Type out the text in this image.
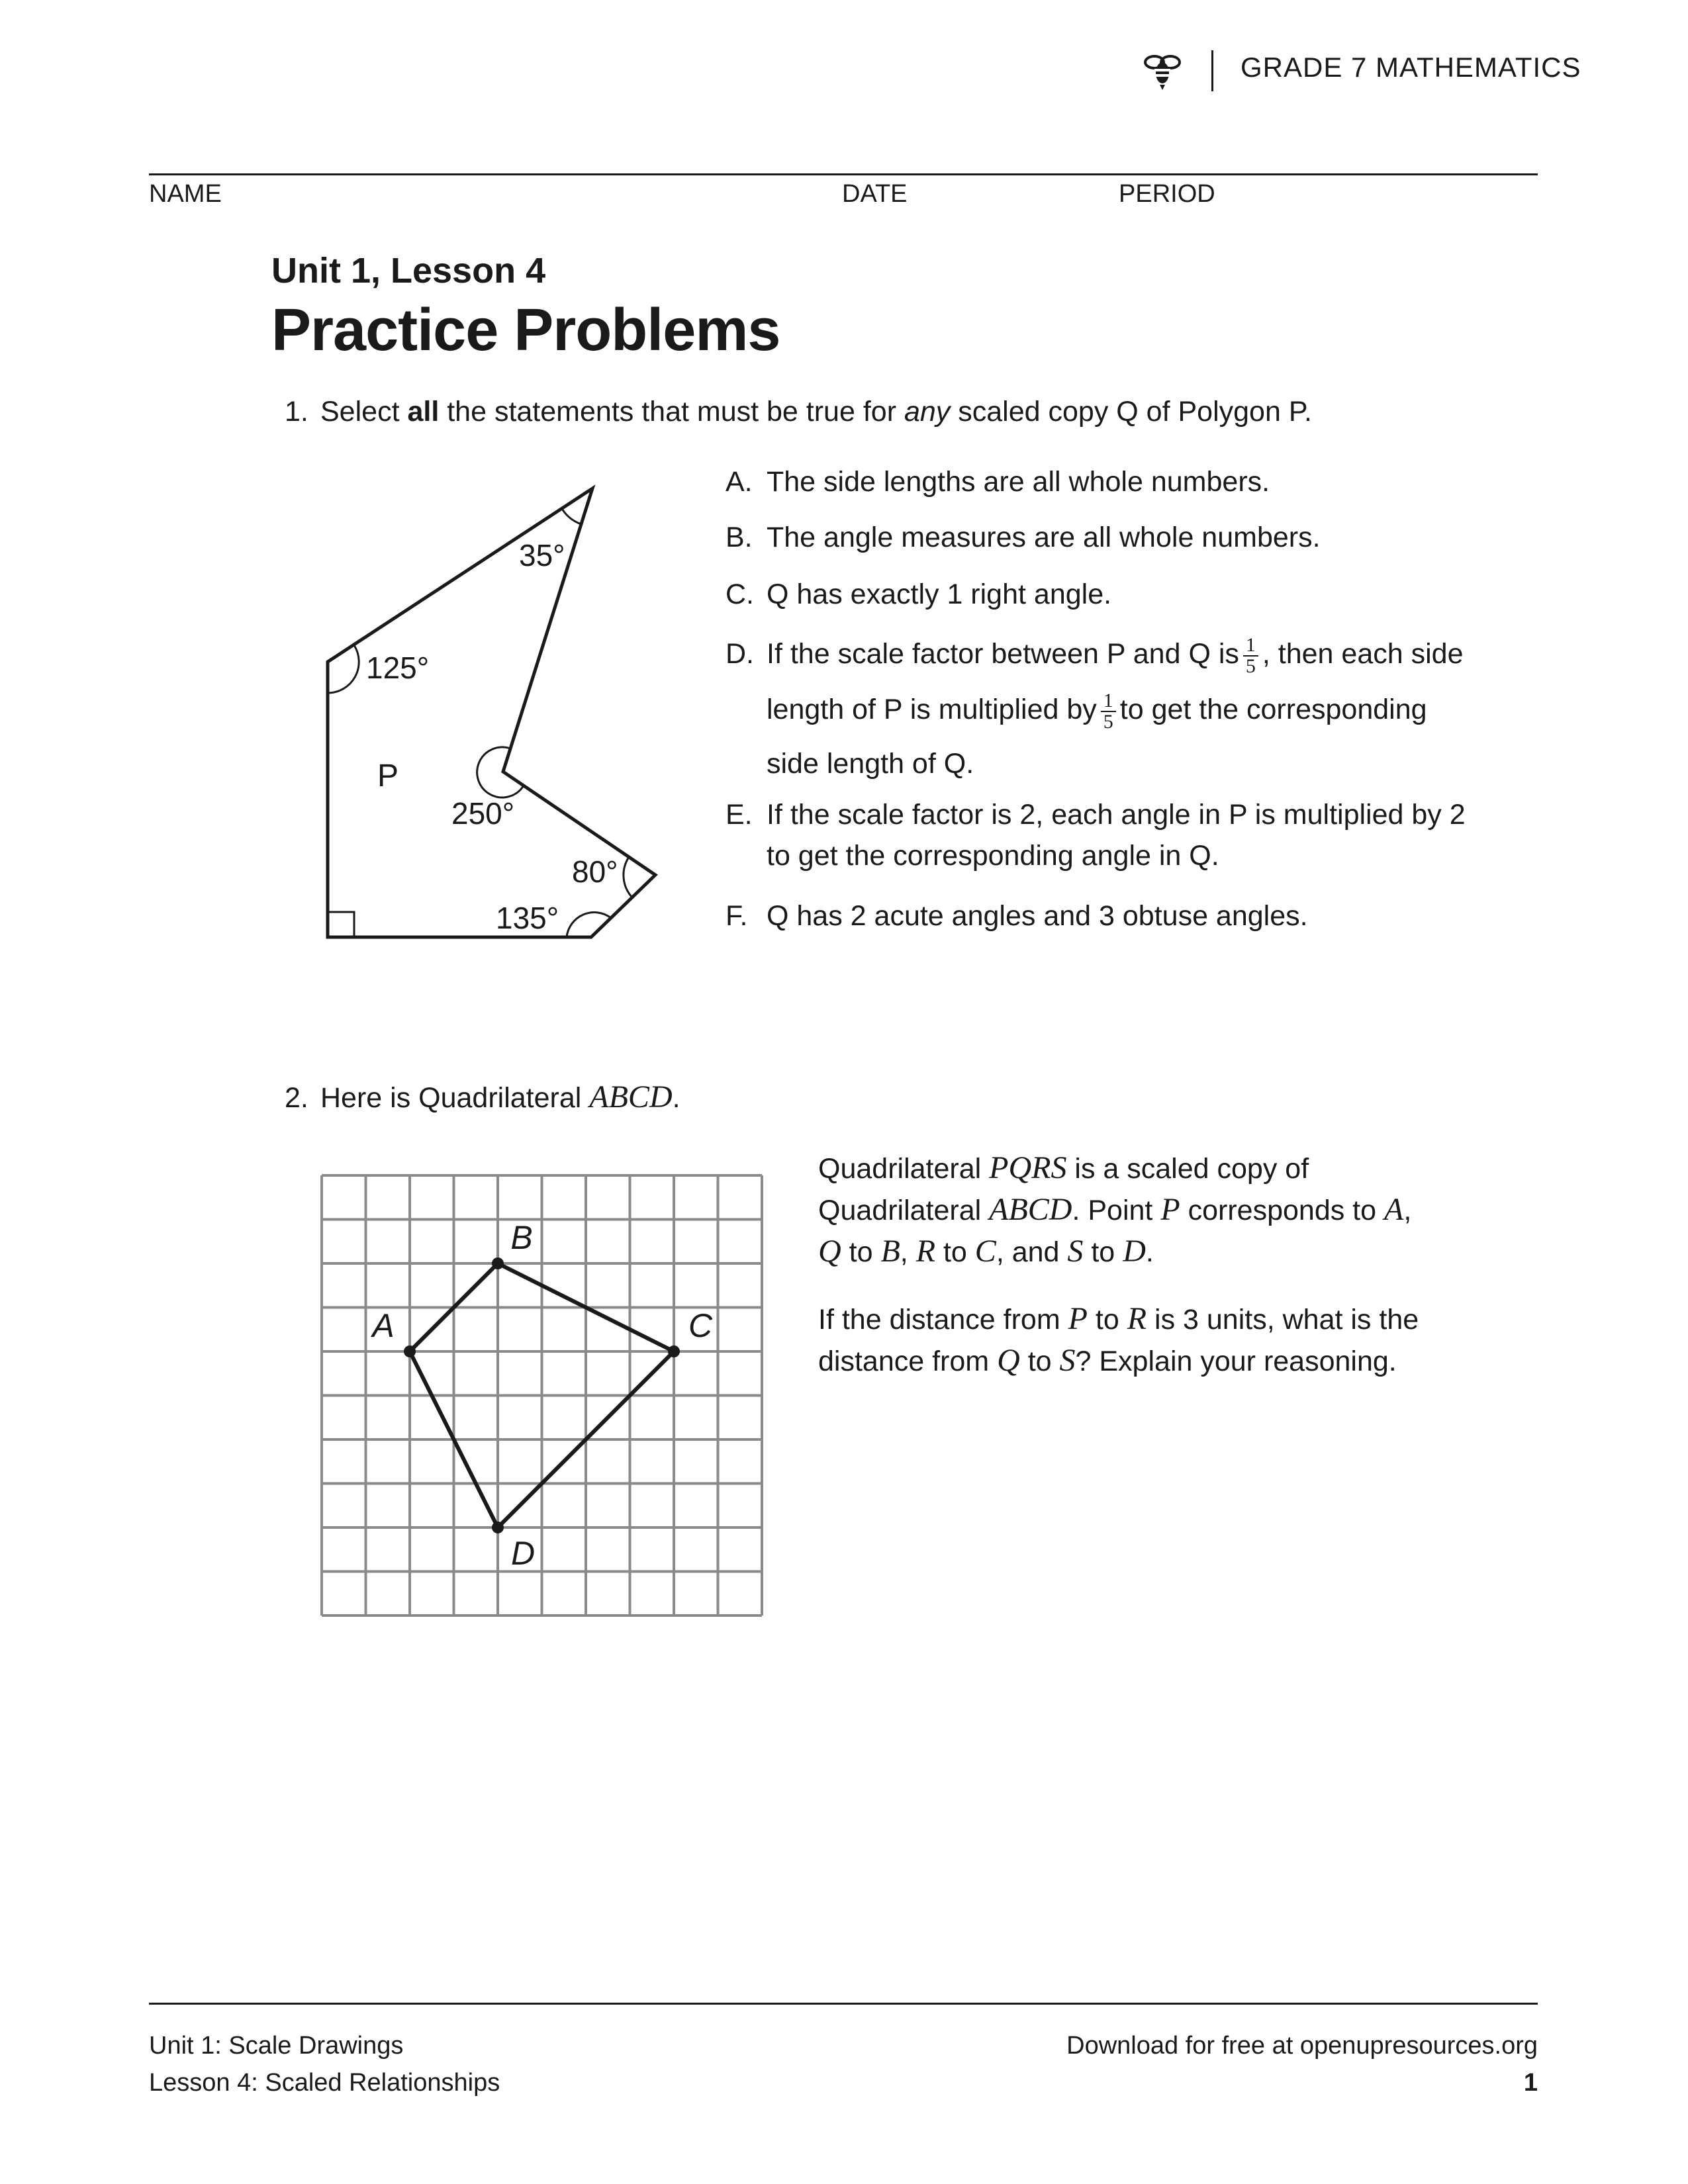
GRADE 7 MATHEMATICS
NAME	DATE	PERIOD
Unit 1, Lesson 4
Practice Problems
1. Select all the statements that must be true for any scaled copy Q of Polygon P.
35°
125°
P
250°
80°
135°
A. The side lengths are all whole numbers.
B. The angle measures are all whole numbers.
C. Q has exactly 1 right angle.
D. If the scale factor between P and Q is $\frac{1}{5}$ , then each side
length of P is multiplied by $\frac{1}{5}$ to get the corresponding
side length of Q.
E. If the scale factor is 2, each angle in P is multiplied by 2
to get the corresponding angle in Q.
F. Q has 2 acute angles and 3 obtuse angles.
2. Here is Quadrilateral ABCD.
A
B
C
D
Quadrilateral PQRS is a scaled copy of
Quadrilateral ABCD. Point P corresponds to A,
Q to B, R to C, and S to D.
If the distance from P to R is 3 units, what is the
distance from Q to S? Explain your reasoning.
Unit 1: Scale Drawings
Lesson 4: Scaled Relationships
Download for free at openupresources.org
1
